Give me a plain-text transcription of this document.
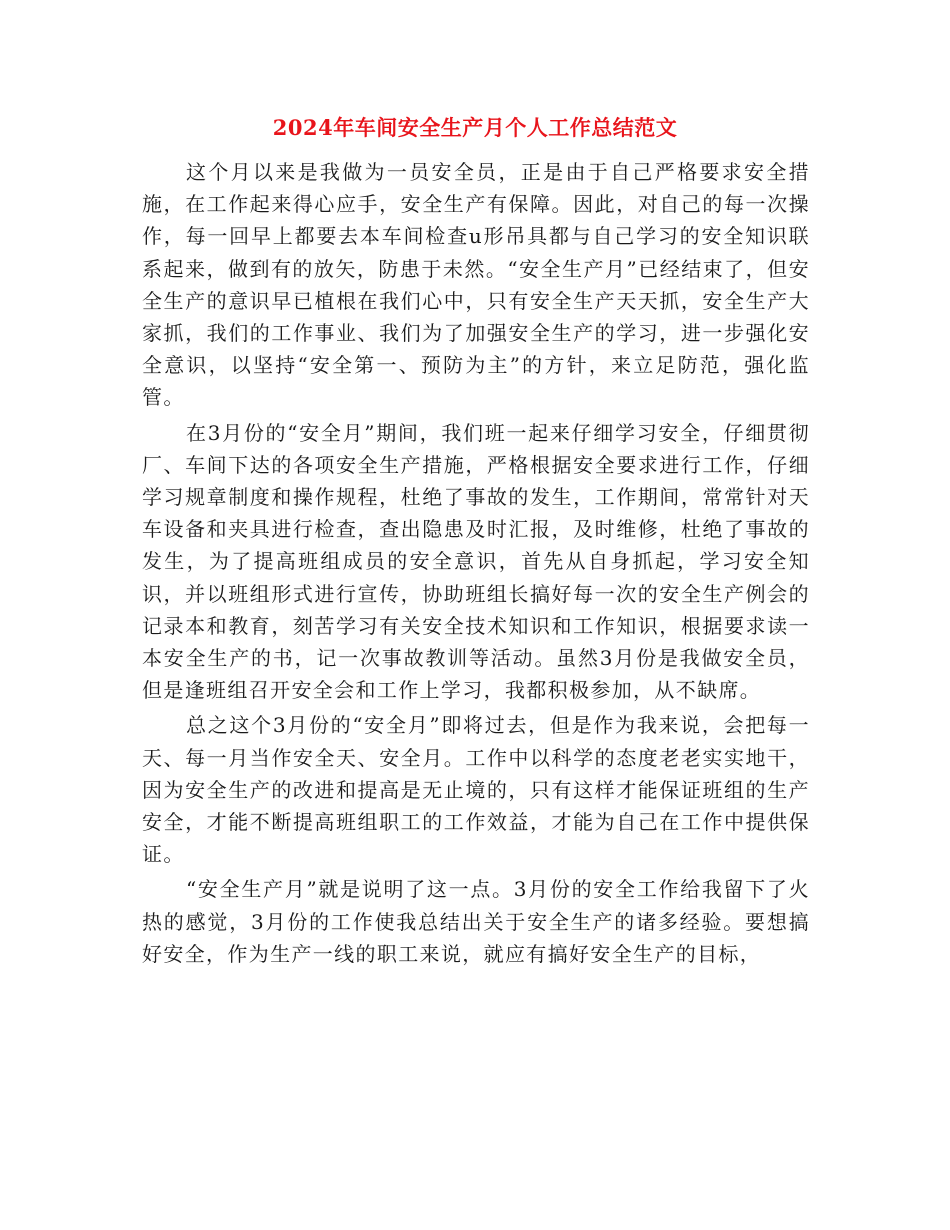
2024年车间安全生产月个人工作总结范文

这个月以来是我做为一员安全员，正是由于自己严格要求安全措施，在工作起来得心应手，安全生产有保障。因此，对自己的每一次操作，每一回早上都要去本车间检查u形吊具都与自己学习的安全知识联系起来，做到有的放矢，防患于未然。“安全生产月”已经结束了，但安全生产的意识早已植根在我们心中，只有安全生产天天抓，安全生产大家抓，我们的工作事业、我们为了加强安全生产的学习，进一步强化安全意识，以坚持“安全第一、预防为主”的方针，来立足防范，强化监管。

在3月份的“安全月”期间，我们班一起来仔细学习安全，仔细贯彻厂、车间下达的各项安全生产措施，严格根据安全要求进行工作，仔细学习规章制度和操作规程，杜绝了事故的发生，工作期间，常常针对天车设备和夹具进行检查，查出隐患及时汇报，及时维修，杜绝了事故的发生，为了提高班组成员的安全意识，首先从自身抓起，学习安全知识，并以班组形式进行宣传，协助班组长搞好每一次的安全生产例会的记录本和教育，刻苦学习有关安全技术知识和工作知识，根据要求读一本安全生产的书，记一次事故教训等活动。虽然3月份是我做安全员，但是逢班组召开安全会和工作上学习，我都积极参加，从不缺席。

总之这个3月份的“安全月”即将过去，但是作为我来说，会把每一天、每一月当作安全天、安全月。工作中以科学的态度老老实实地干，因为安全生产的改进和提高是无止境的，只有这样才能保证班组的生产安全，才能不断提高班组职工的工作效益，才能为自己在工作中提供保证。

“安全生产月”就是说明了这一点。3月份的安全工作给我留下了火热的感觉，3月份的工作使我总结出关于安全生产的诸多经验。要想搞好安全，作为生产一线的职工来说，就应有搞好安全生产的目标，
